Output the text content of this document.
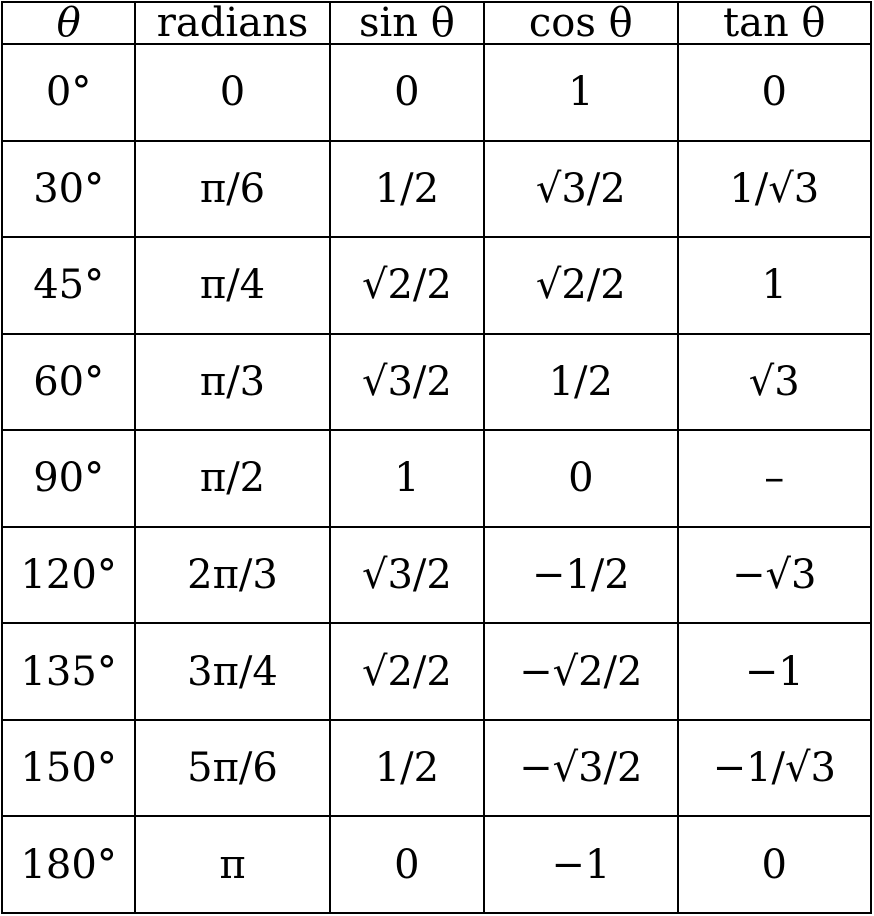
θ	radians	sin θ	cos θ	tan θ
0°	0	0	1	0
30°	π/6	1/2	√3/2	1/√3
45°	π/4	√2/2	√2/2	1
60°	π/3	√3/2	1/2	√3
90°	π/2	1	0	–
120°	2π/3	√3/2	−1/2	−√3
135°	3π/4	√2/2	−√2/2	−1
150°	5π/6	1/2	−√3/2	−1/√3
180°	π	0	−1	0
